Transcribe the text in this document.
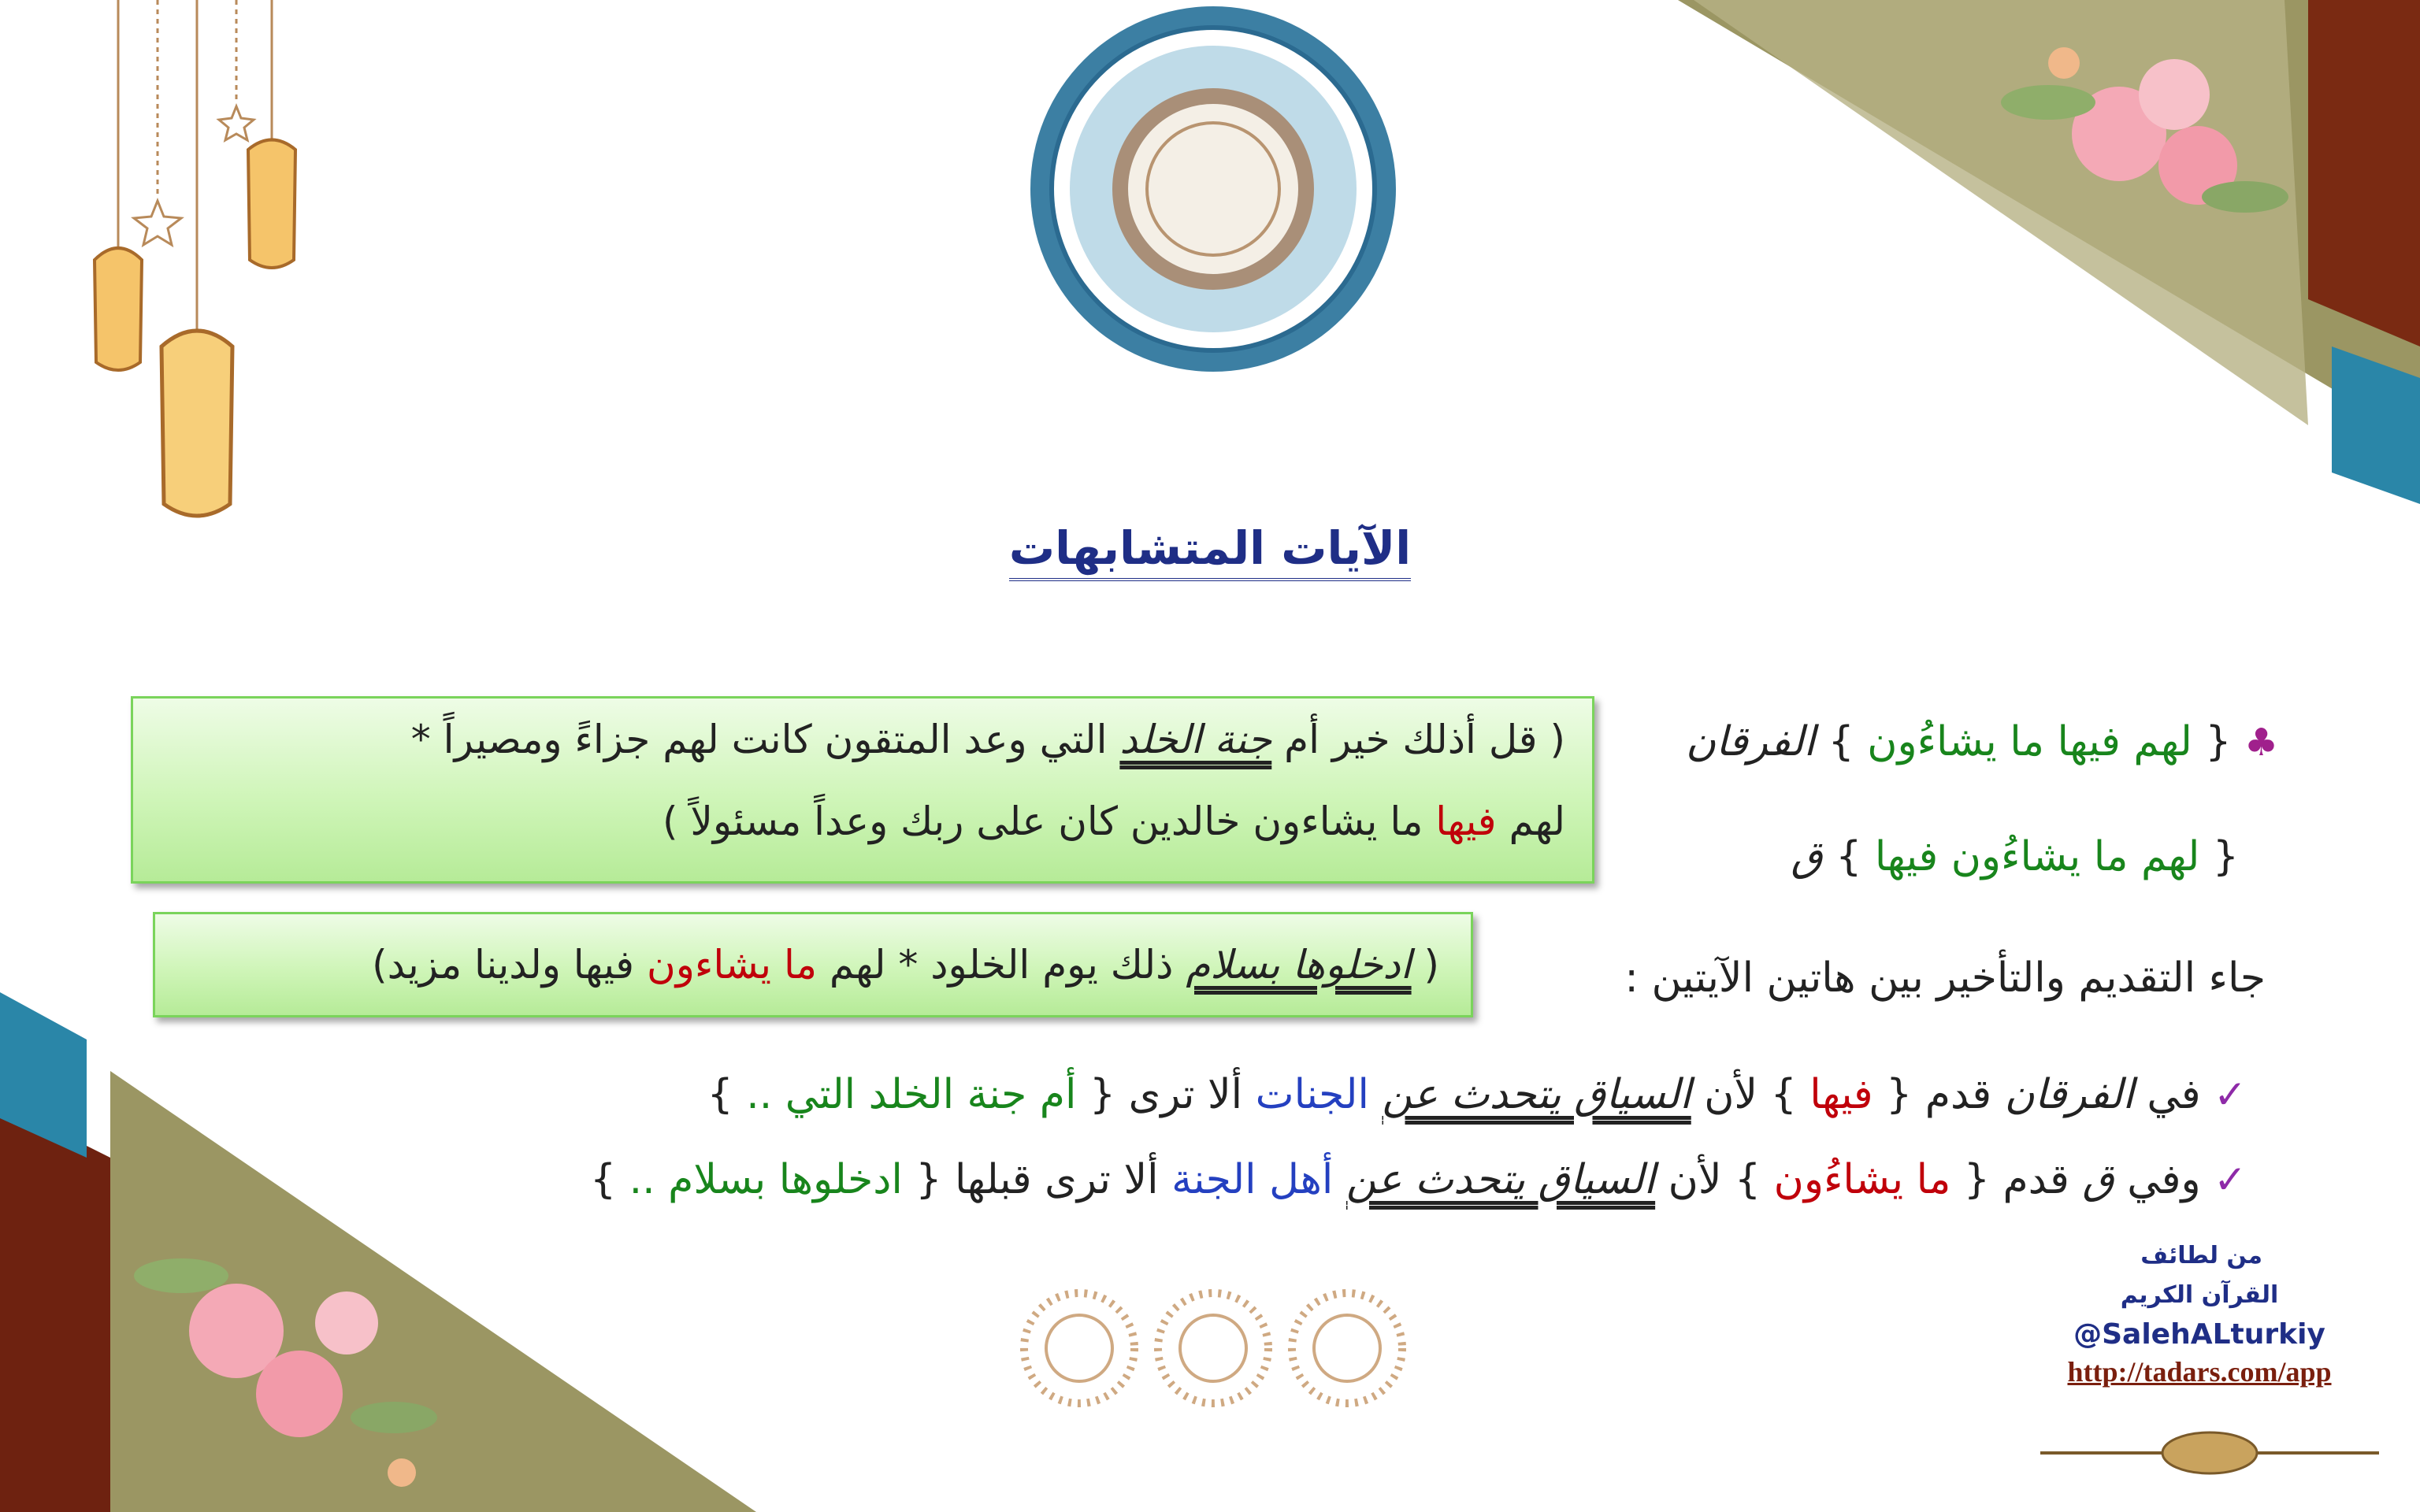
الآيات المتشابهات
( قل أذلك خير أم جنة الخلد التي وعد المتقون كانت لهم جزاءً ومصيراً *
لهم فيها ما يشاءون خالدين كان على ربك وعداً مسئولاً )
( ادخلوها بسلام ذلك يوم الخلود * لهم ما يشاءون فيها ولدينا مزيد)
♣ { لهم فيها ما يشاءُون } الفرقان
{ لهم ما يشاءُون فيها } ق
جاء التقديم والتأخير بين هاتين الآيتين :
✓ في الفرقان قدم { فيها } لأن السياق يتحدث عن الجنات ألا ترى { أم جنة الخلد التي .. }
✓ وفي ق قدم { ما يشاءُون } لأن السياق يتحدث عن أهل الجنة ألا ترى قبلها { ادخلوها بسلام .. }
من لطائف
القرآن الكريم
@SalehALturkiy
http://tadars.com/app
